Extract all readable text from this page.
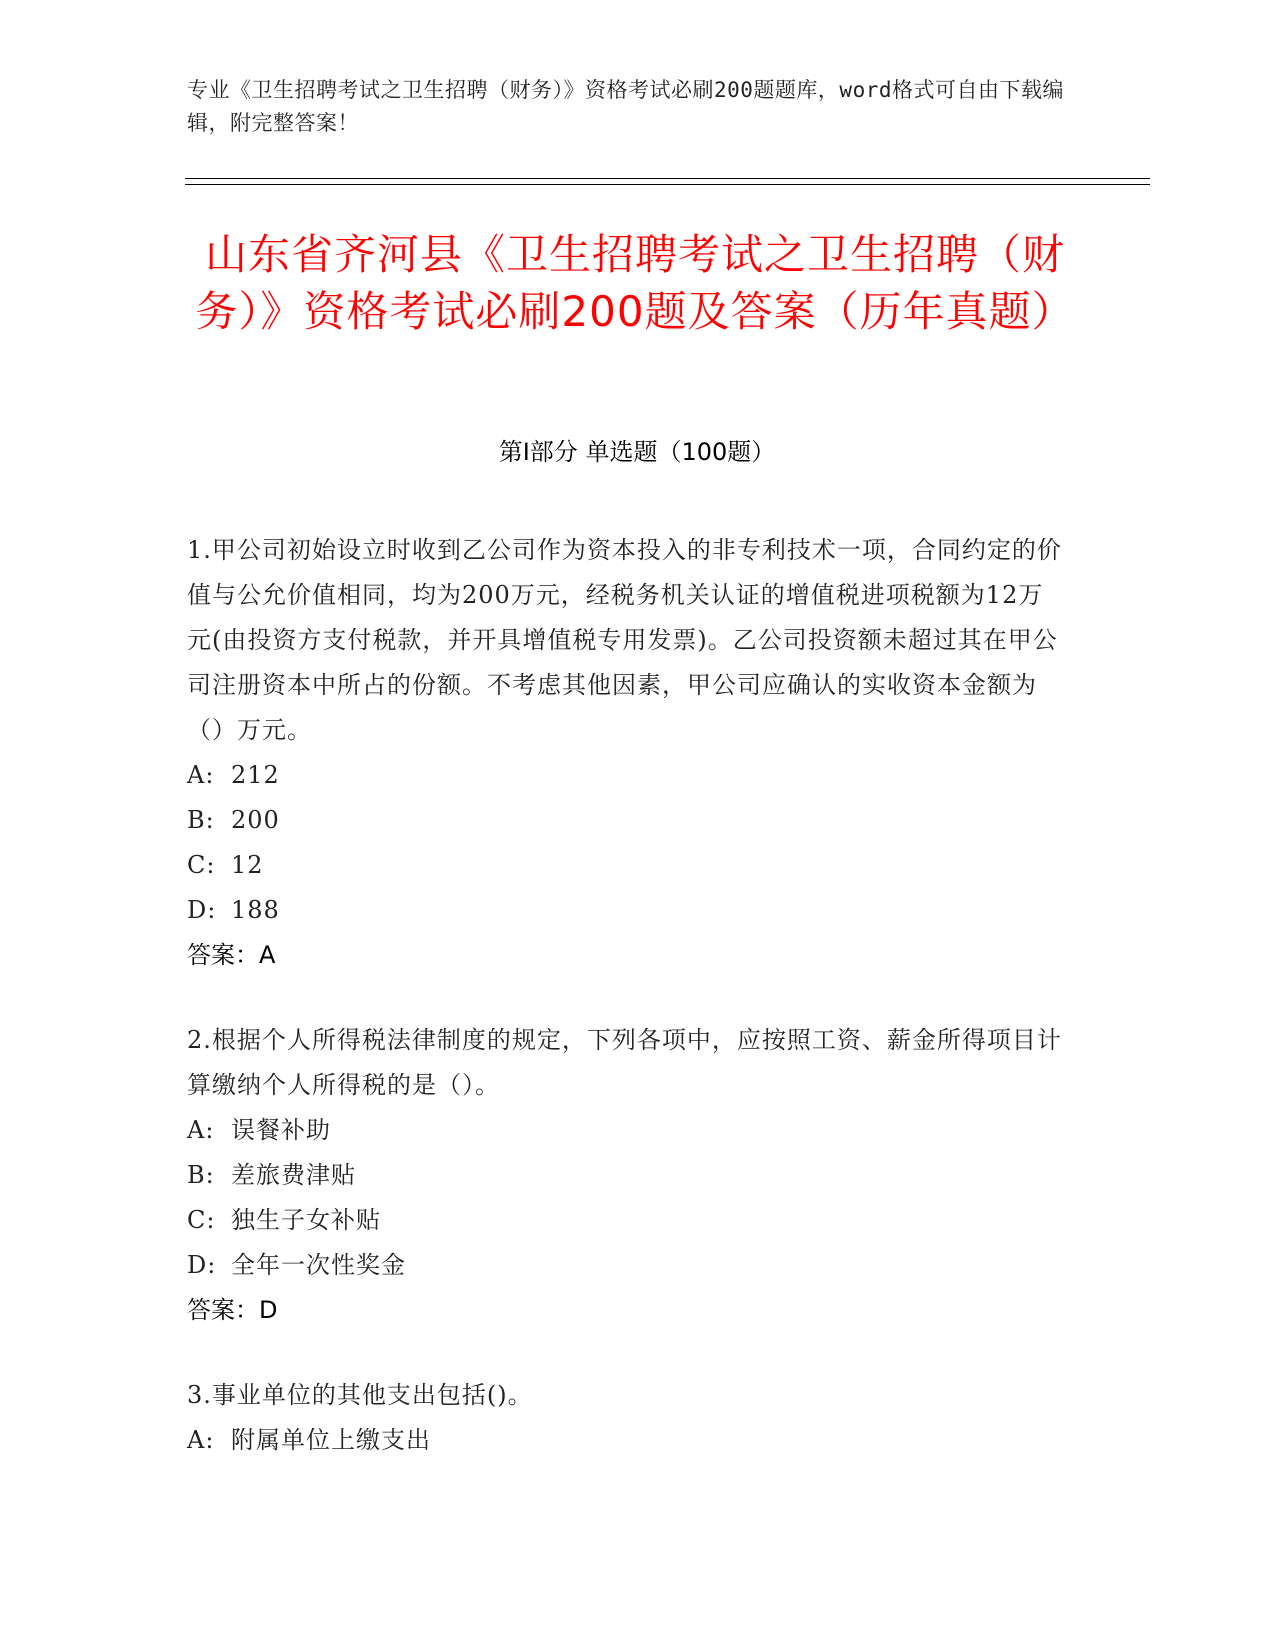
专业《卫生招聘考试之卫生招聘（财务）》资格考试必刷200题题库，word格式可自由下载编辑，附完整答案！
山东省齐河县《卫生招聘考试之卫生招聘（财务）》资格考试必刷200题及答案（历年真题）
第I部分 单选题（100题）

1.甲公司初始设立时收到乙公司作为资本投入的非专利技术一项，合同约定的价值与公允价值相同，均为200万元，经税务机关认证的增值税进项税额为12万元(由投资方支付税款，并开具增值税专用发票)。乙公司投资额未超过其在甲公司注册资本中所占的份额。不考虑其他因素，甲公司应确认的实收资本金额为（）万元。

A: 212

B: 200

C: 12

D: 188

答案：A

2.根据个人所得税法律制度的规定，下列各项中，应按照工资、薪金所得项目计算缴纳个人所得税的是（）。

A: 误餐补助

B: 差旅费津贴

C: 独生子女补贴

D: 全年一次性奖金

答案：D

3.事业单位的其他支出包括()。

A: 附属单位上缴支出
